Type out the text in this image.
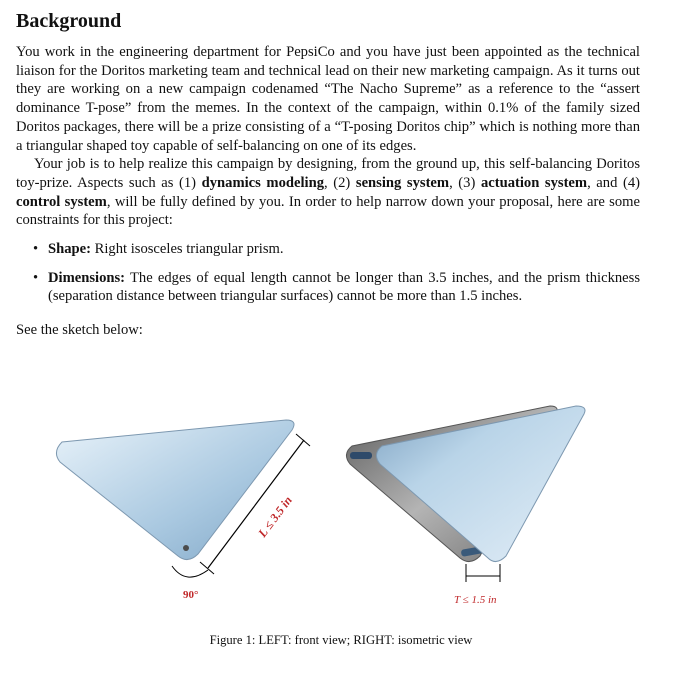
Background

You work in the engineering department for PepsiCo and you have just been appointed as the technical liaison for the Doritos marketing team and technical lead on their new marketing campaign. As it turns out they are working on a new campaign codenamed “The Nacho Supreme” as a reference to the “assert dominance T-pose” from the memes. In the context of the campaign, within 0.1% of the family sized Doritos packages, there will be a prize consisting of a “T-posing Doritos chip” which is nothing more than a triangular shaped toy capable of self-balancing on one of its edges.

Your job is to help realize this campaign by designing, from the ground up, this self-balancing Doritos toy-prize. Aspects such as (1) dynamics modeling, (2) sensing system, (3) actuation system, and (4) control system, will be fully defined by you. In order to help narrow down your proposal, here are some constraints for this project:

• Shape: Right isosceles triangular prism.
• Dimensions: The edges of equal length cannot be longer than 3.5 inches, and the prism thickness (separation distance between triangular surfaces) cannot be more than 1.5 inches.
See the sketch below:
L ≤ 3.5 in
90°	T ≤ 1.5 in
Figure 1: LEFT: front view; RIGHT: isometric view
